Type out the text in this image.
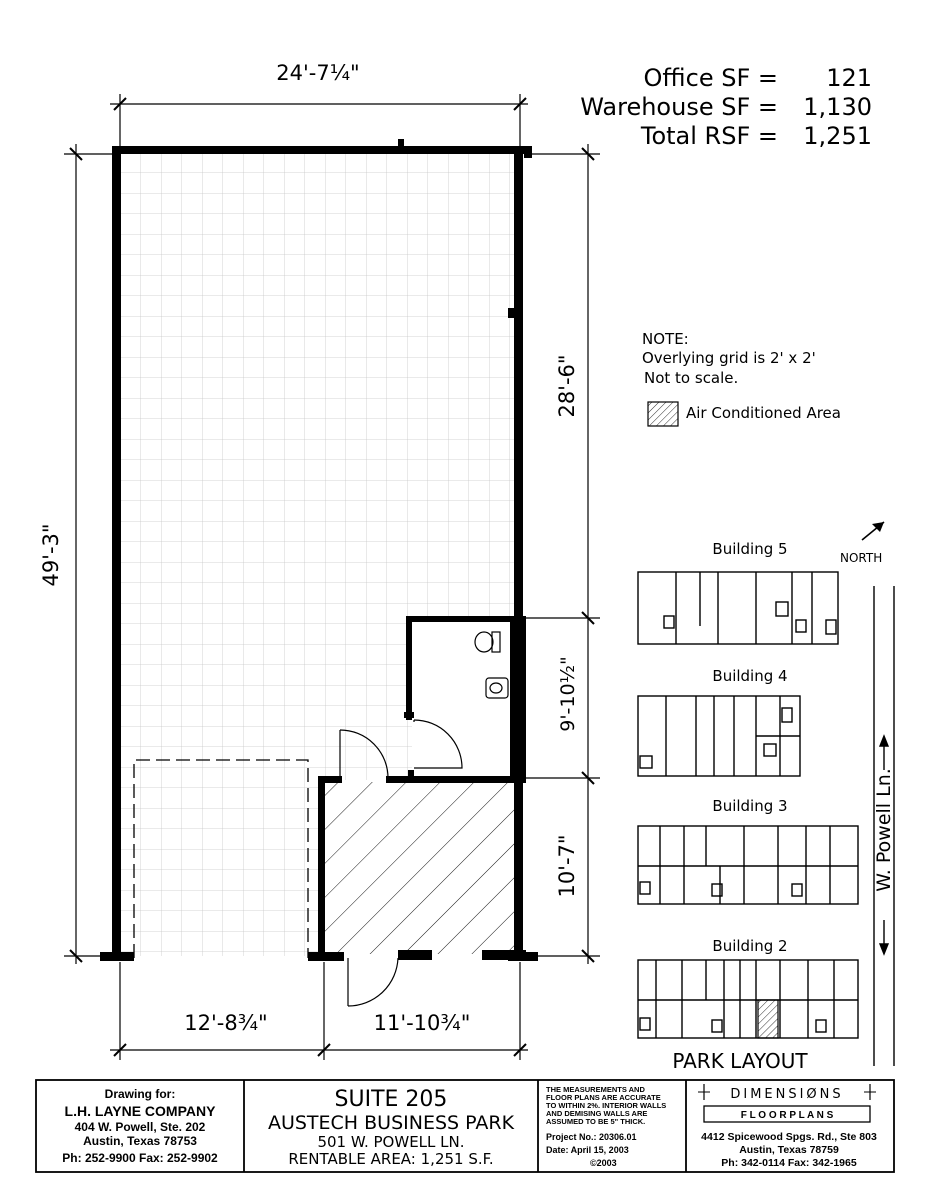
24'-7¼"
49'-3"
28'-6"
9'-10½"
10'-7"
12'-8¾"	11'-10¾"
Office SF = 121
Warehouse SF = 1,130
Total RSF = 1,251
NOTE:
Overlying grid is 2' x 2'
Not to scale.
Air Conditioned Area
NORTH
W. Powell Ln.
Building 5
Building 4
Building 3
Building 2
PARK LAYOUT
Drawing for:
L.H. LAYNE COMPANY
404 W. Powell, Ste. 202
Austin, Texas 78753
Ph: 252-9900 Fax: 252-9902
SUITE 205
AUSTECH BUSINESS PARK
501 W. POWELL LN.
RENTABLE AREA: 1,251 S.F.
THE MEASUREMENTS AND
FLOOR PLANS ARE ACCURATE
TO WITHIN 2%. INTERIOR WALLS
AND DEMISING WALLS ARE
ASSUMED TO BE 5" THICK.
Project No.: 20306.01
Date: April 15, 2003
©2003
DIMENSIØNS
F L O O R P L A N S
4412 Spicewood Spgs. Rd., Ste 803
Austin, Texas 78759
Ph: 342-0114 Fax: 342-1965
